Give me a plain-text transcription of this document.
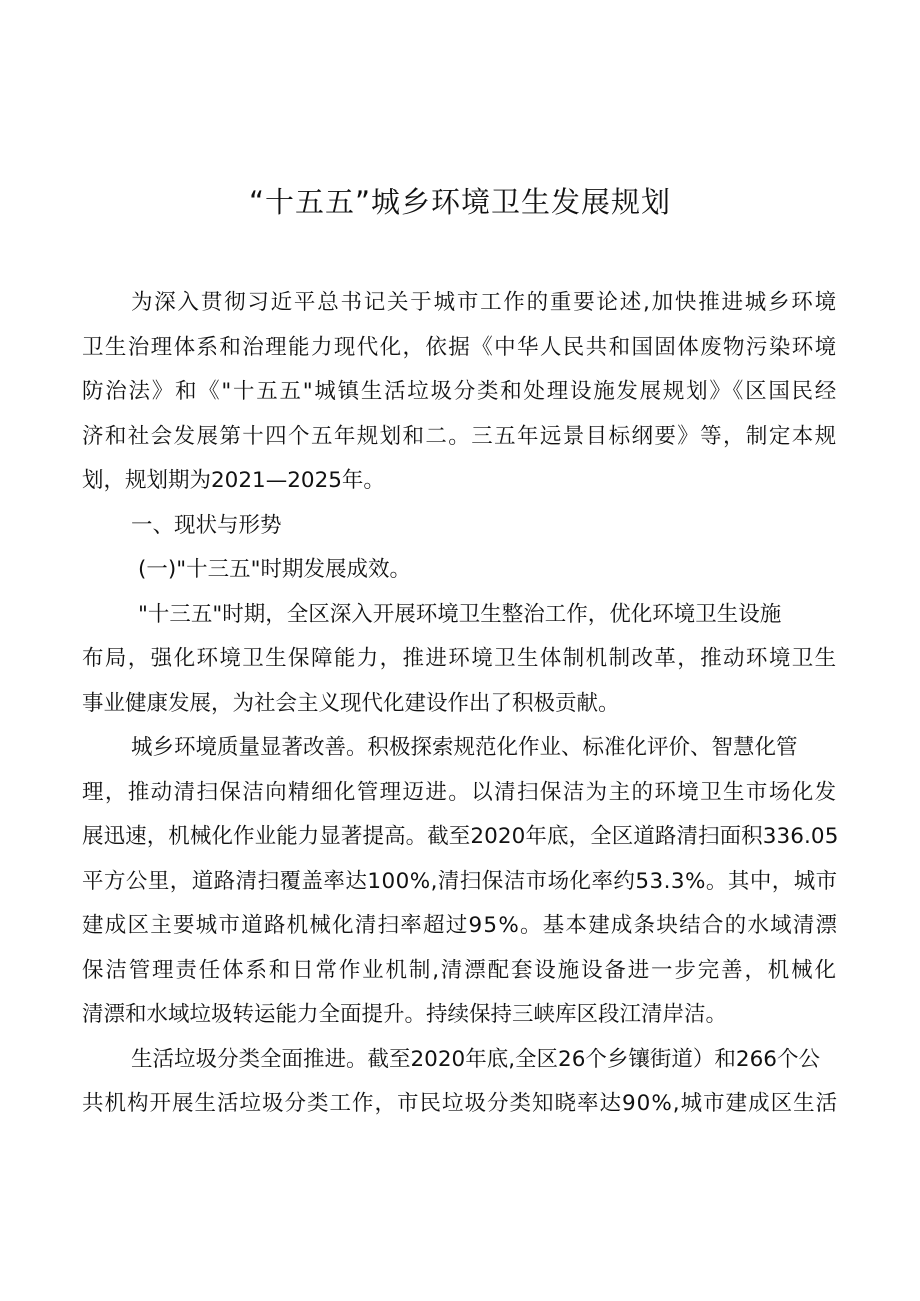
“十五五”城乡环境卫生发展规划
为深入贯彻习近平总书记关于城市工作的重要论述,加快推进城乡环境
卫生治理体系和治理能力现代化，依据《中华人民共和国固体废物污染环境
防治法》和《"十五五"城镇生活垃圾分类和处理设施发展规划》《区国民经
济和社会发展第十四个五年规划和二。三五年远景目标纲要》等，制定本规
划，规划期为2021—2025年。
一、现状与形势
(一)"十三五"时期发展成效。
"十三五"时期，全区深入开展环境卫生整治工作，优化环境卫生设施
布局，强化环境卫生保障能力，推进环境卫生体制机制改革，推动环境卫生
事业健康发展，为社会主义现代化建设作出了积极贡献。
城乡环境质量显著改善。积极探索规范化作业、标准化评价、智慧化管
理，推动清扫保洁向精细化管理迈进。以清扫保洁为主的环境卫生市场化发
展迅速，机械化作业能力显著提高。截至2020年底，全区道路清扫面积336.05
平方公里，道路清扫覆盖率达100%,清扫保洁市场化率约53.3%。其中，城市
建成区主要城市道路机械化清扫率超过95%。基本建成条块结合的水域清漂
保洁管理责任体系和日常作业机制,清漂配套设施设备进一步完善，机械化
清漂和水域垃圾转运能力全面提升。持续保持三峡库区段江清岸洁。
生活垃圾分类全面推进。截至2020年底,全区26个乡镶街道）和266个公
共机构开展生活垃圾分类工作，市民垃圾分类知晓率达90%,城市建成区生活
